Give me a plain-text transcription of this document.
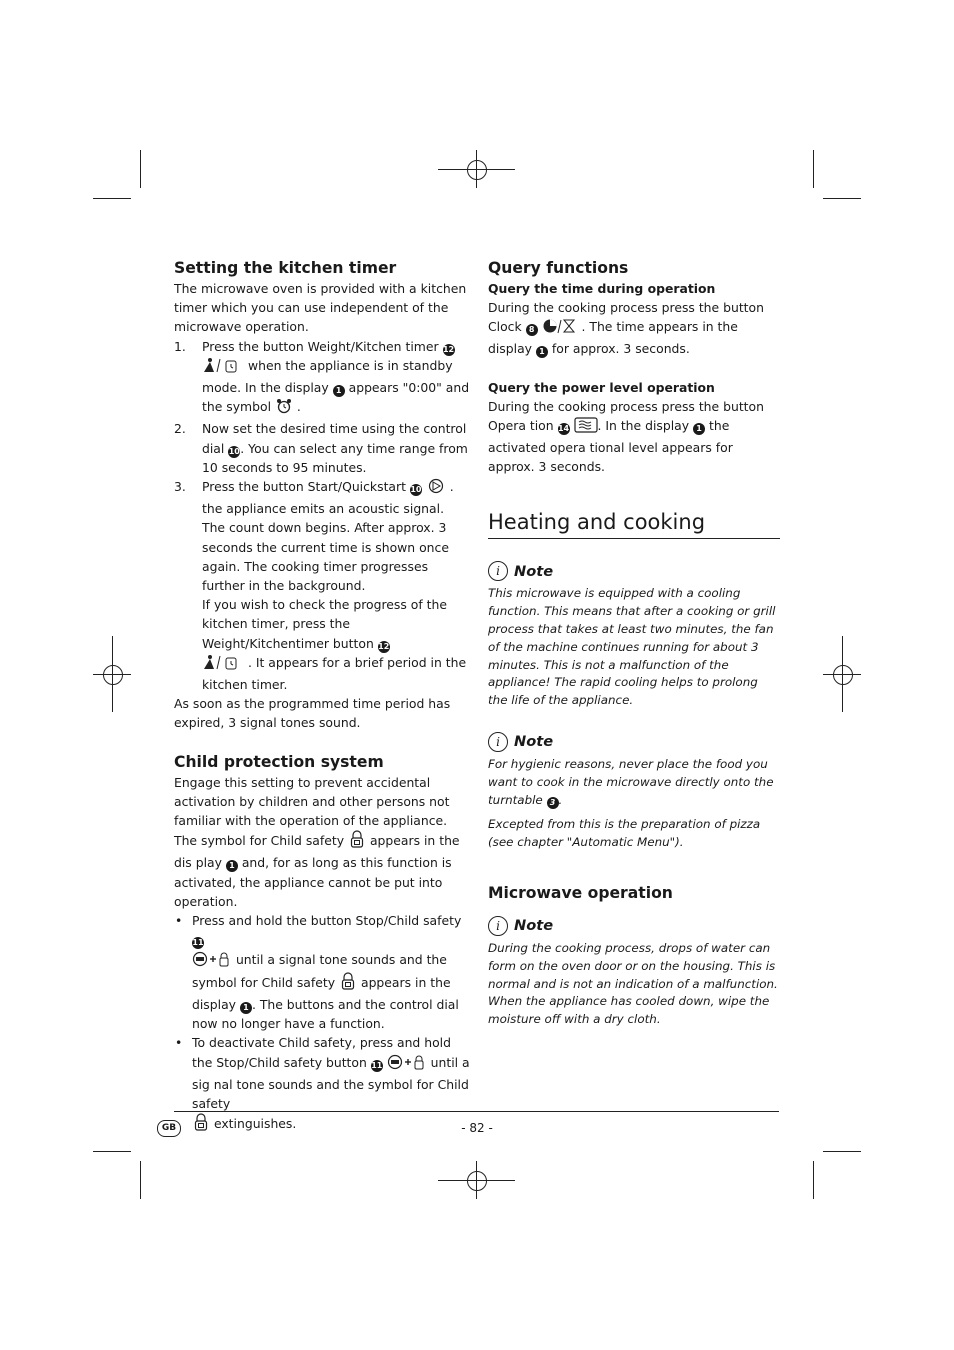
Setting the kitchen timer

The microwave oven is provided with a kitchen timer which you can use independent of the microwave operation.

1. Press the button Weight/Kitchen timer 12
when the appliance is in standby mode. In the display 1 appears "0:00" and the symbol  .
2. Now set the desired time using the control dial 10. You can select any time range from 10 seconds to 95 minutes.
3. Press the button Start/Quickstart 10  . the appliance emits an acoustic signal. The count down begins. After approx. 3 seconds the current time is shown once again. The cooking timer progresses further in the background.
If you wish to check the progress of the kitchen timer, press the Weight/Kitchentimer button 12
. It appears for a brief period in the kitchen timer.

As soon as the programmed time period has expired, 3 signal tones sound.

Child protection system

Engage this setting to prevent accidental activation by children and other persons not familiar with the operation of the appliance.

The symbol for Child safety  appears in the dis play 1 and, for as long as this function is activated, the appliance cannot be put into operation.

• Press and hold the button Stop/Child safety 11
until a signal tone sounds and the symbol for Child safety  appears in the display 1 . The buttons and the control dial now no longer have a function.
• To deactivate Child safety, press and hold the Stop/Child safety button 11	until a sig nal tone sounds and the symbol for Child safety
extinguishes.
Query functions
Query the time during operation

During the cooking process press the button Clock 8	. The time appears in the display 1 for approx. 3 seconds.

Query the power level operation

During the cooking process press the button Opera tion 14 . In the display 1 the activated opera tional level appears for approx. 3 seconds.

Heating and cooking
i Note

This microwave is equipped with a cooling function. This means that after a cooking or grill process that takes at least two minutes, the fan of the machine continues running for about 3 minutes. This is not a malfunction of the appliance! The rapid cooling helps to prolong the life of the appliance.

i Note

For hygienic reasons, never place the food you want to cook in the microwave directly onto the turntable 3 .

Excepted from this is the preparation of pizza (see chapter "Automatic Menu").

Microwave operation
i Note

During the cooking process, drops of water can form on the oven door or on the housing. This is normal and is not an indication of a malfunction. When the appliance has cooled down, wipe the moisture off with a dry cloth.

GB	- 82 -
